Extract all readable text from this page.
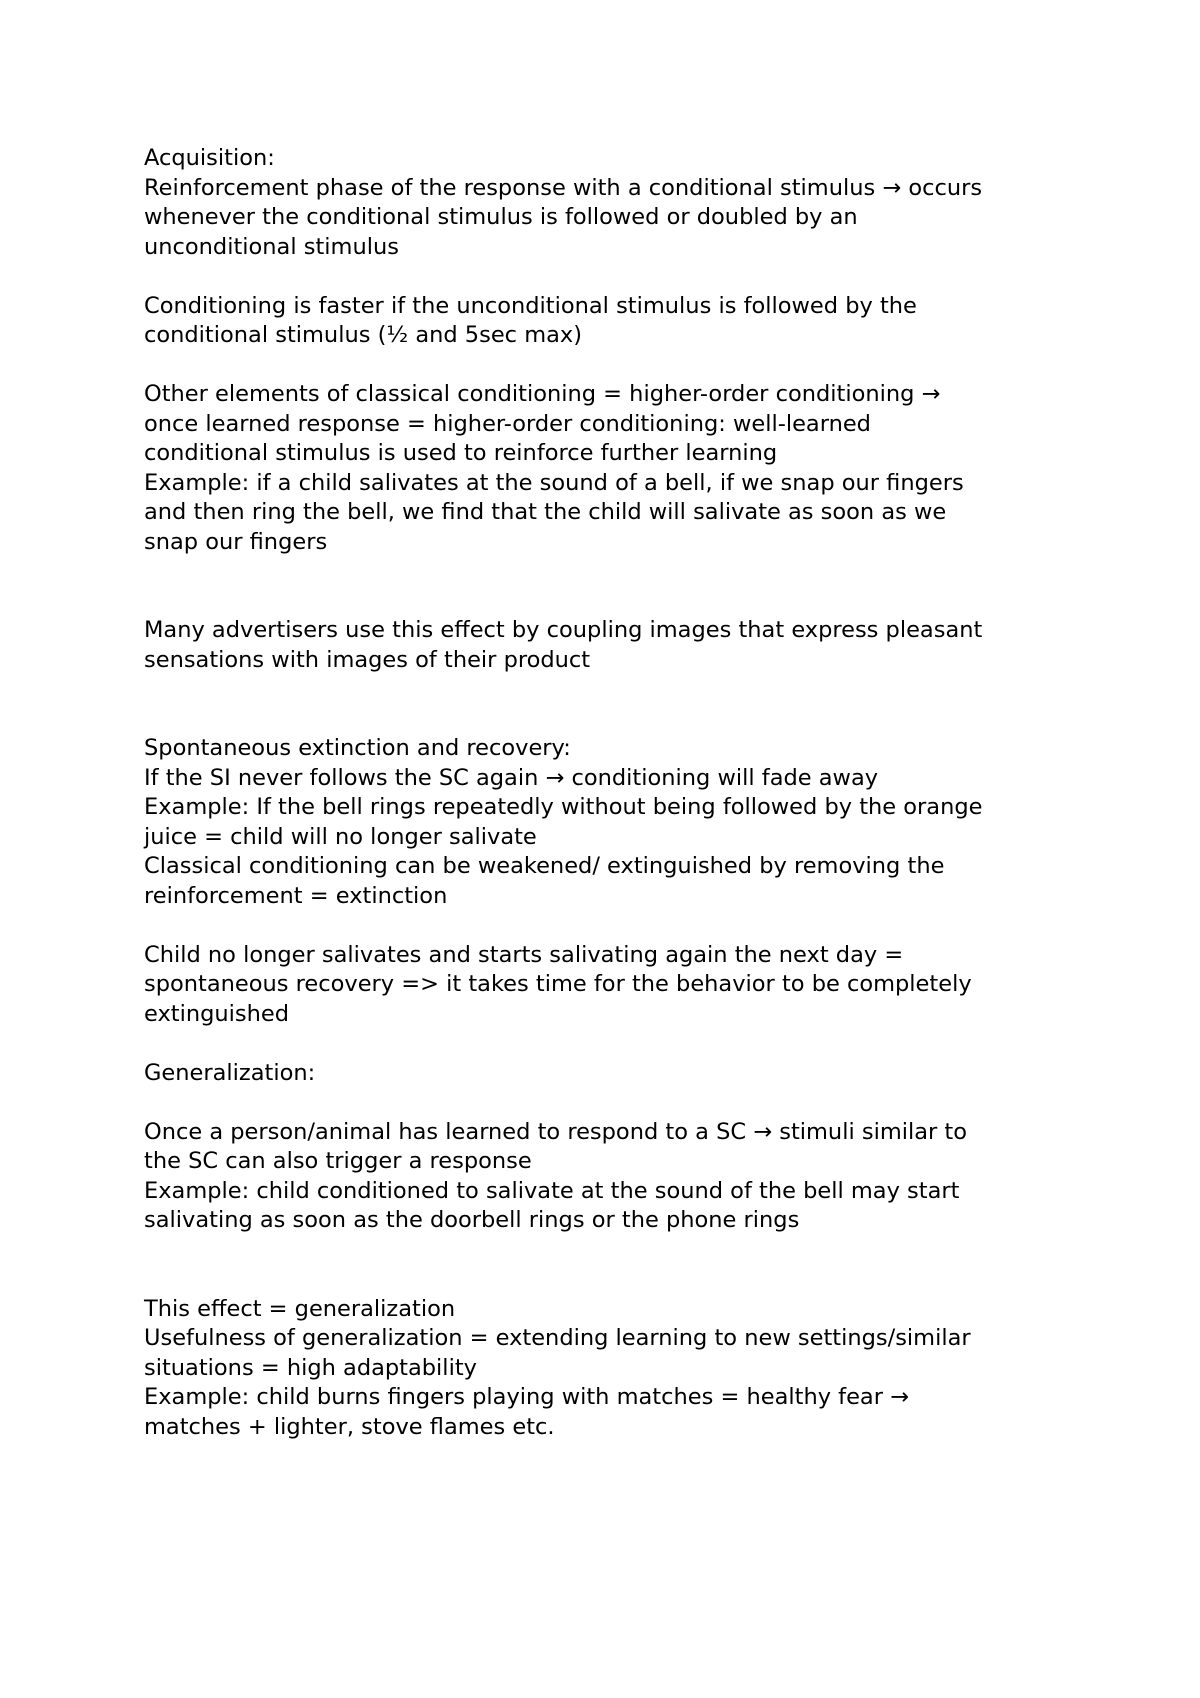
Acquisition:
Reinforcement phase of the response with a conditional stimulus → occurs
whenever the conditional stimulus is followed or doubled by an
unconditional stimulus
Conditioning is faster if the unconditional stimulus is followed by the
conditional stimulus (½ and 5sec max)
Other elements of classical conditioning = higher-order conditioning →
once learned response = higher-order conditioning: well-learned
conditional stimulus is used to reinforce further learning
Example: if a child salivates at the sound of a bell, if we snap our fingers
and then ring the bell, we find that the child will salivate as soon as we
snap our fingers
Many advertisers use this effect by coupling images that express pleasant
sensations with images of their product
Spontaneous extinction and recovery:
If the SI never follows the SC again → conditioning will fade away
Example: If the bell rings repeatedly without being followed by the orange
juice = child will no longer salivate
Classical conditioning can be weakened/ extinguished by removing the
reinforcement = extinction
Child no longer salivates and starts salivating again the next day =
spontaneous recovery => it takes time for the behavior to be completely
extinguished
Generalization:
Once a person/animal has learned to respond to a SC → stimuli similar to
the SC can also trigger a response
Example: child conditioned to salivate at the sound of the bell may start
salivating as soon as the doorbell rings or the phone rings
This effect = generalization
Usefulness of generalization = extending learning to new settings/similar
situations = high adaptability
Example: child burns fingers playing with matches = healthy fear →
matches + lighter, stove flames etc.
